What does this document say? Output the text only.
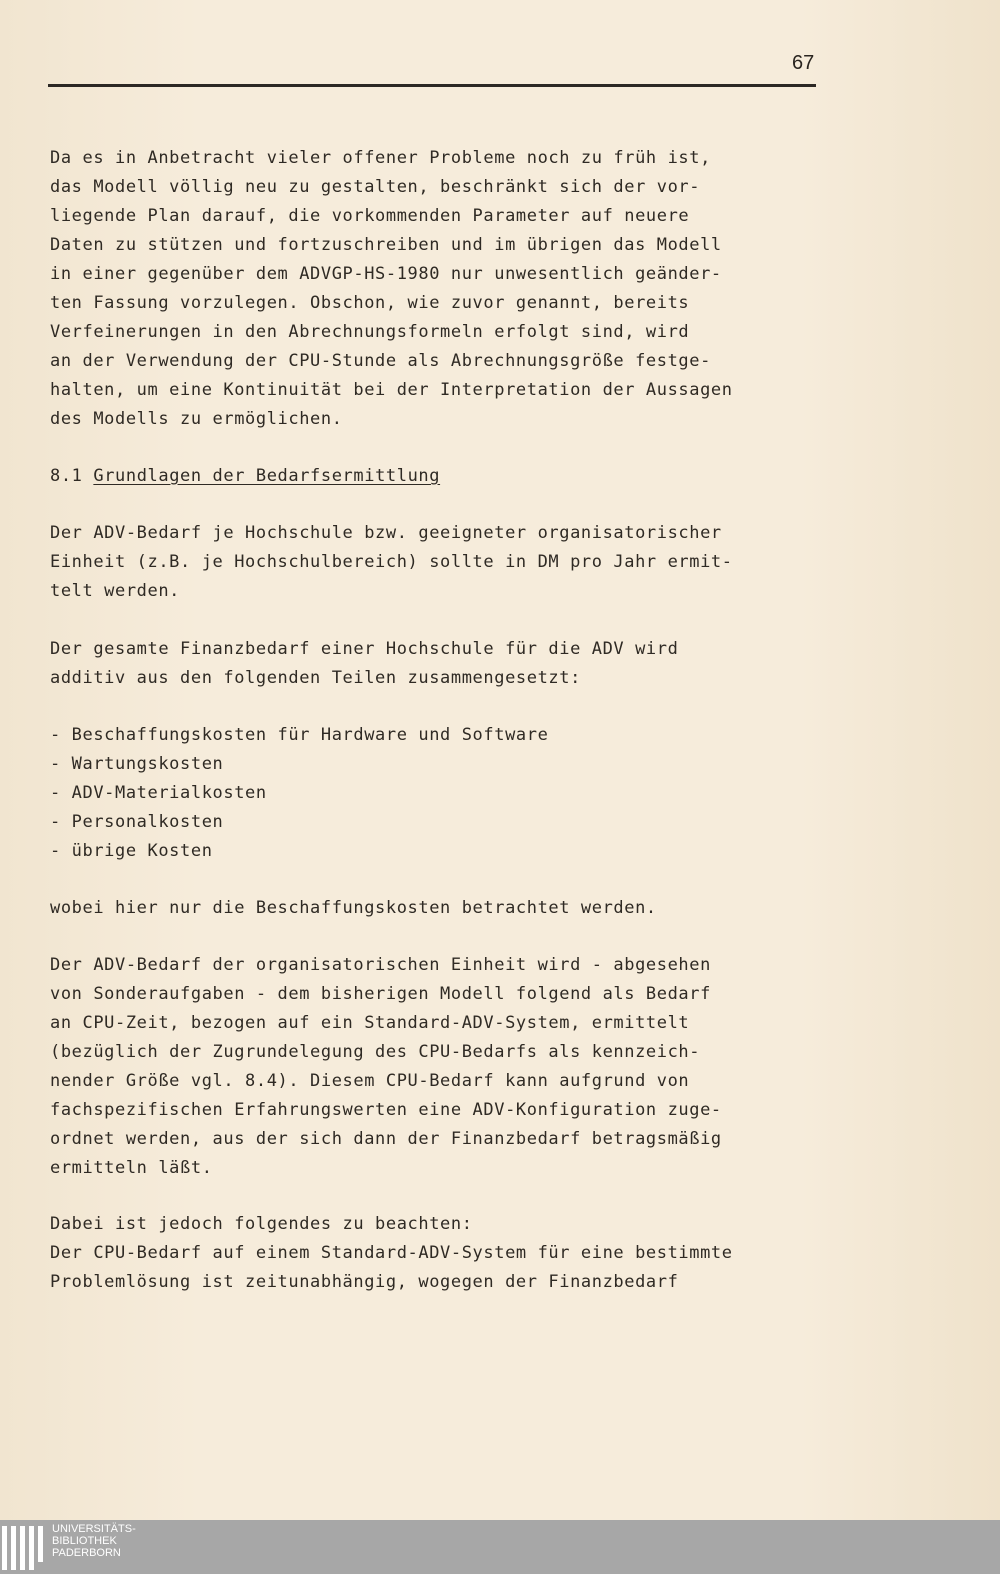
67
Da es in Anbetracht vieler offener Probleme noch zu früh ist,
das Modell völlig neu zu gestalten, beschränkt sich der vor-
liegende Plan darauf, die vorkommenden Parameter auf neuere
Daten zu stützen und fortzuschreiben und im übrigen das Modell
in einer gegenüber dem ADVGP-HS-1980 nur unwesentlich geänder-
ten Fassung vorzulegen. Obschon, wie zuvor genannt, bereits
Verfeinerungen in den Abrechnungsformeln erfolgt sind, wird
an der Verwendung der CPU-Stunde als Abrechnungsgröße festge-
halten, um eine Kontinuität bei der Interpretation der Aussagen
des Modells zu ermöglichen.
8.1 Grundlagen der Bedarfsermittlung
Der ADV-Bedarf je Hochschule bzw. geeigneter organisatorischer
Einheit (z.B. je Hochschulbereich) sollte in DM pro Jahr ermit-
telt werden.
Der gesamte Finanzbedarf einer Hochschule für die ADV wird
additiv aus den folgenden Teilen zusammengesetzt:
- Beschaffungskosten für Hardware und Software
- Wartungskosten
- ADV-Materialkosten
- Personalkosten
- übrige Kosten
wobei hier nur die Beschaffungskosten betrachtet werden.
Der ADV-Bedarf der organisatorischen Einheit wird - abgesehen
von Sonderaufgaben - dem bisherigen Modell folgend als Bedarf
an CPU-Zeit, bezogen auf ein Standard-ADV-System, ermittelt
(bezüglich der Zugrundelegung des CPU-Bedarfs als kennzeich-
nender Größe vgl. 8.4). Diesem CPU-Bedarf kann aufgrund von
fachspezifischen Erfahrungswerten eine ADV-Konfiguration zuge-
ordnet werden, aus der sich dann der Finanzbedarf betragsmäßig
ermitteln läßt.
Dabei ist jedoch folgendes zu beachten:
Der CPU-Bedarf auf einem Standard-ADV-System für eine bestimmte
Problemlösung ist zeitunabhängig, wogegen der Finanzbedarf
UNIVERSITÄTS-
BIBLIOTHEK
PADERBORN
